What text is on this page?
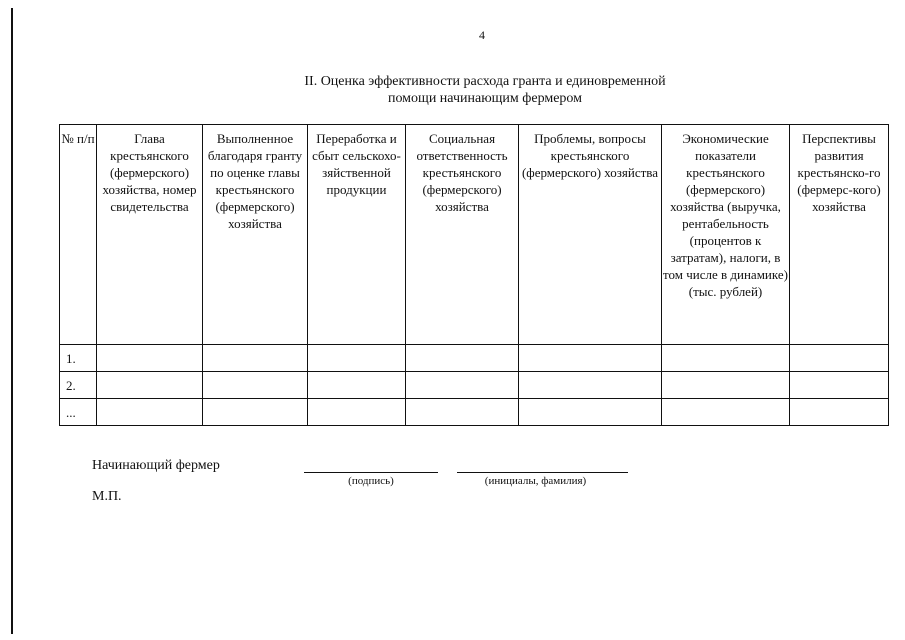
4
II. Оценка эффективности расхода гранта и единовременной
помощи начинающим фермером
№ п/п	Глава крестьянского (фермерского) хозяйства, номер свидетельства	Выполненное благодаря гранту по оценке главы крестьянского (фермерского) хозяйства	Переработка и сбыт сельскохо-зяйственной продукции	Социальная ответственность крестьянского (фермерского) хозяйства	Проблемы, вопросы крестьянского (фермерского) хозяйства	Экономические показатели крестьянского (фермерского) хозяйства (выручка, рентабельность (процентов к затратам), налоги, в том числе в динамике) (тыс. рублей)	Перспективы развития крестьянско-го (фермерс-кого) хозяйства
1.							
2.							
...							
Начинающий фермер
(подпись)	(инициалы, фамилия)
М.П.
